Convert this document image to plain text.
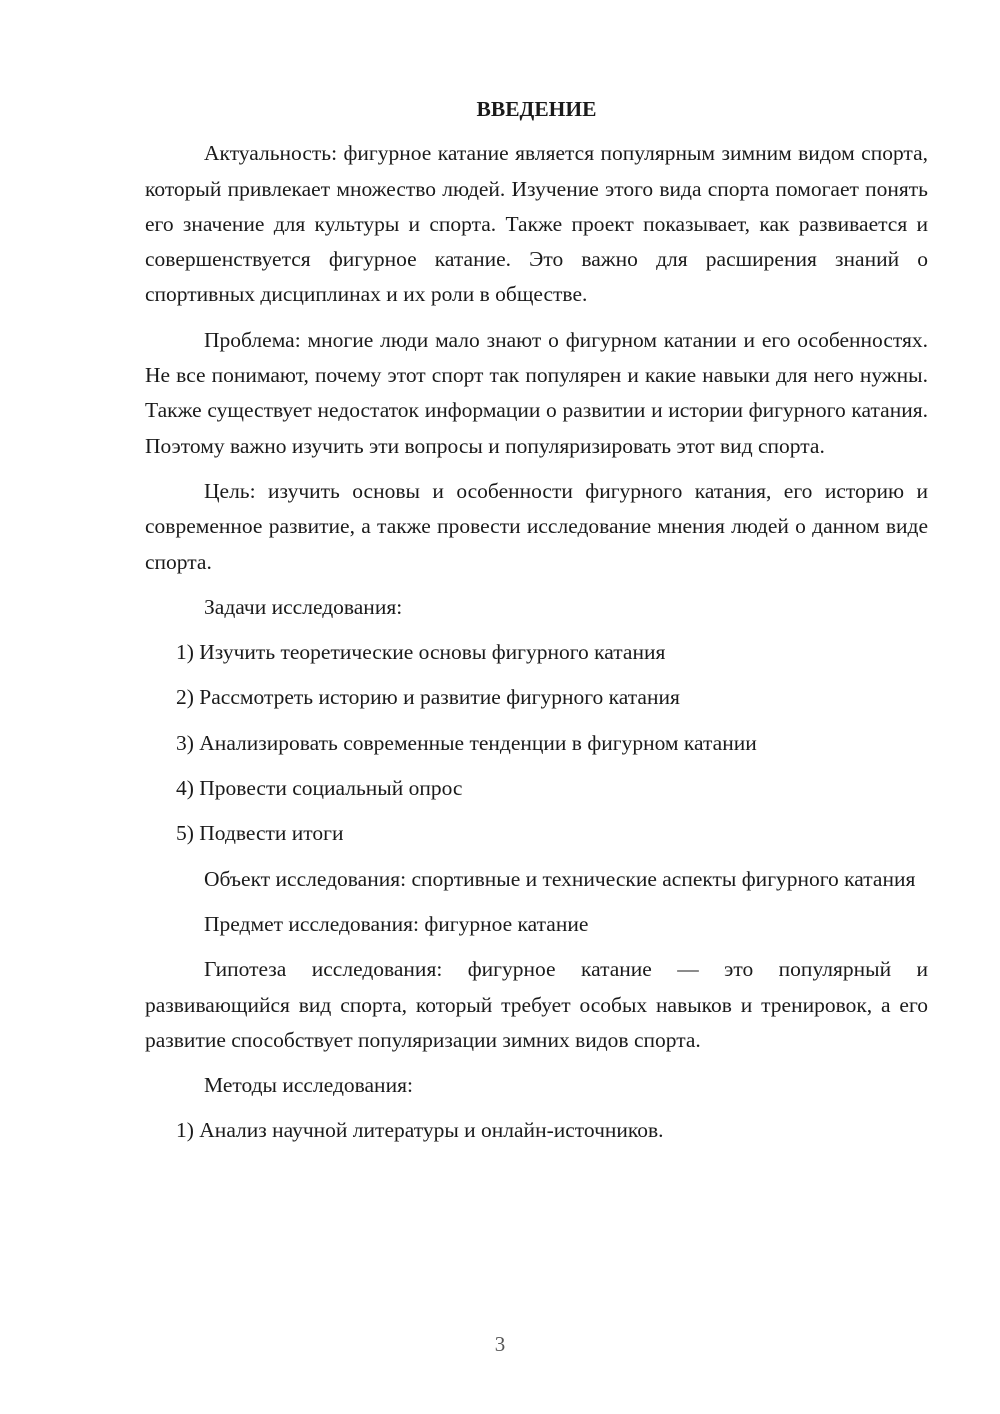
ВВЕДЕНИЕ

Актуальность: фигурное катание является популярным зимним видом спорта, который привлекает множество людей. Изучение этого вида спорта помогает понять его значение для культуры и спорта. Также проект показывает, как развивается и совершенствуется фигурное катание. Это важно для расширения знаний о спортивных дисциплинах и их роли в обществе.

Проблема: многие люди мало знают о фигурном катании и его особенностях. Не все понимают, почему этот спорт так популярен и какие навыки для него нужны. Также существует недостаток информации о развитии и истории фигурного катания. Поэтому важно изучить эти вопросы и популяризировать этот вид спорта.

Цель: изучить основы и особенности фигурного катания, его историю и современное развитие, а также провести исследование мнения людей о данном виде спорта.

Задачи исследования:

1) Изучить теоретические основы фигурного катания
2) Рассмотреть историю и развитие фигурного катания
3) Анализировать современные тенденции в фигурном катании
4) Провести социальный опрос
5) Подвести итоги

Объект исследования: спортивные и технические аспекты фигурного катания

Предмет исследования: фигурное катание

Гипотеза исследования: фигурное катание — это популярный и развивающийся вид спорта, который требует особых навыков и тренировок, а его развитие способствует популяризации зимних видов спорта.

Методы исследования:

1) Анализ научной литературы и онлайн-источников.
3
